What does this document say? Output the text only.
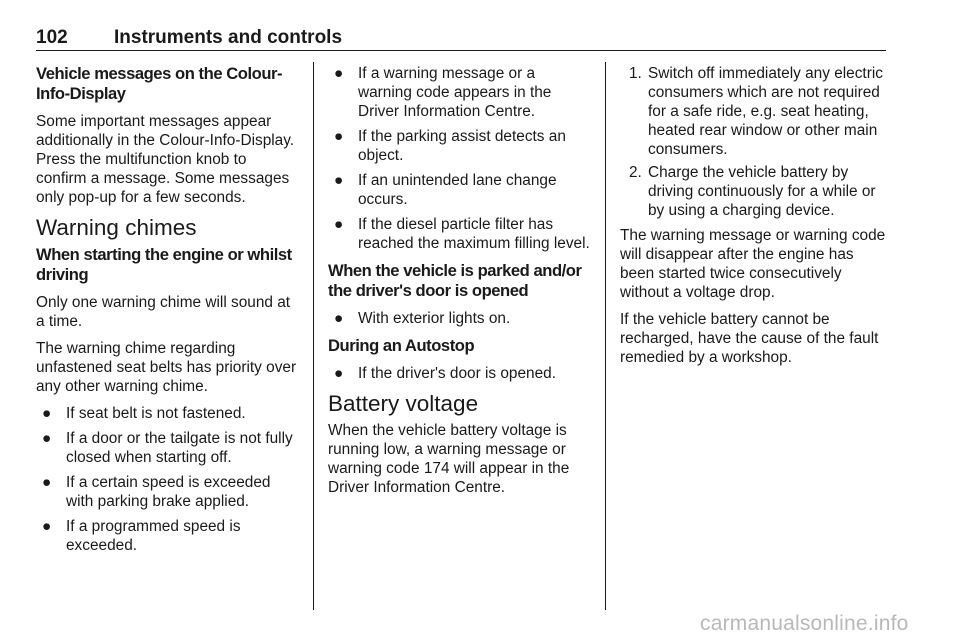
102 Instruments and controls
Vehicle messages on the Colour-Info-Display

Some important messages appear additionally in the Colour-Info-Display. Press the multifunction knob to confirm a message. Some messages only pop-up for a few seconds.

Warning chimes
When starting the engine or whilst driving

Only one warning chime will sound at a time.

The warning chime regarding unfastened seat belts has priority over any other warning chime.

● If seat belt is not fastened.
● If a door or the tailgate is not fully closed when starting off.
● If a certain speed is exceeded with parking brake applied.
● If a programmed speed is exceeded.
● If a warning message or a warning code appears in the Driver Information Centre.
● If the parking assist detects an object.
● If an unintended lane change occurs.
● If the diesel particle filter has reached the maximum filling level.
When the vehicle is parked and/or the driver's door is opened
● With exterior lights on.
During an Autostop
● If the driver's door is opened.
Battery voltage

When the vehicle battery voltage is running low, a warning message or warning code 174 will appear in the Driver Information Centre.

1. Switch off immediately any electric consumers which are not required for a safe ride, e.g. seat heating, heated rear window or other main consumers.
2. Charge the vehicle battery by driving continuously for a while or by using a charging device.

The warning message or warning code will disappear after the engine has been started twice consecutively without a voltage drop.

If the vehicle battery cannot be recharged, have the cause of the fault remedied by a workshop.

carmanualsonline.info
